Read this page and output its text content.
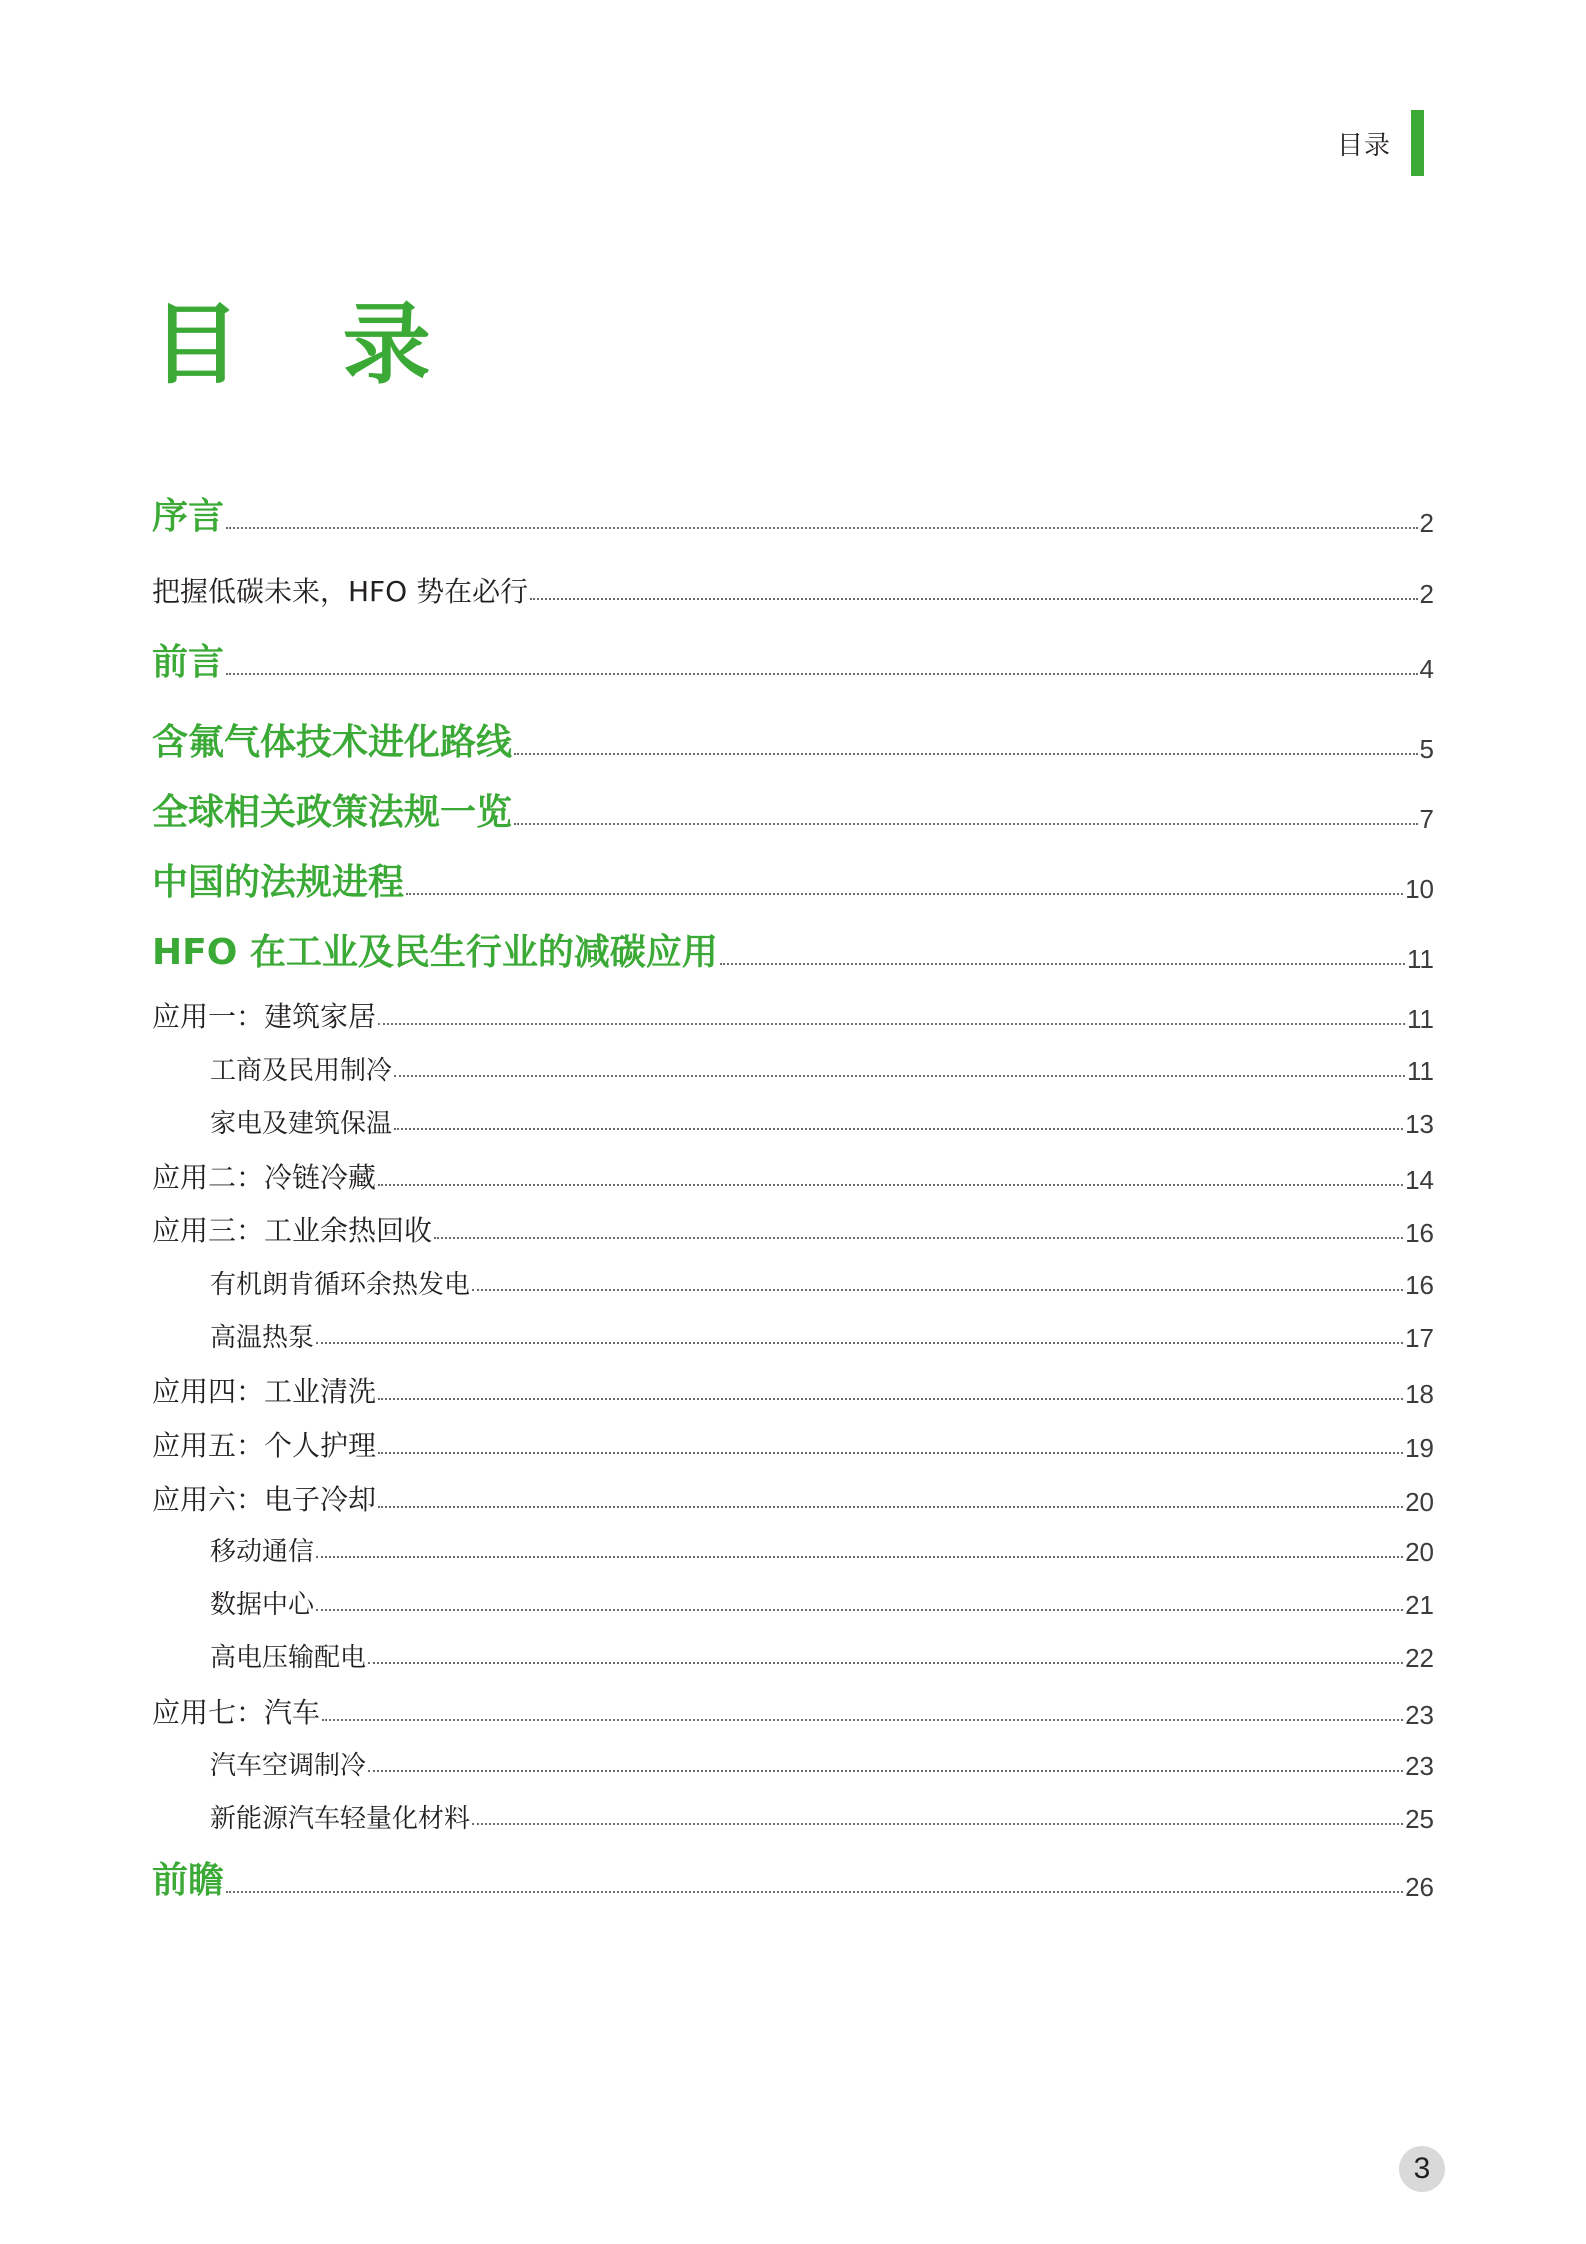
目录
目 录
序言	2
把握低碳未来，HFO 势在必行	2
前言	4
含氟气体技术进化路线	5
全球相关政策法规一览	7
中国的法规进程	10
HFO 在工业及民生行业的减碳应用	11
应用一：建筑家居	11
工商及民用制冷	11
家电及建筑保温	13
应用二：冷链冷藏	14
应用三：工业余热回收	16
有机朗肯循环余热发电	16
高温热泵	17
应用四：工业清洗	18
应用五：个人护理	19
应用六：电子冷却	20
移动通信	20
数据中心	21
高电压输配电	22
应用七：汽车	23
汽车空调制冷	23
新能源汽车轻量化材料	25
前瞻	26
3
